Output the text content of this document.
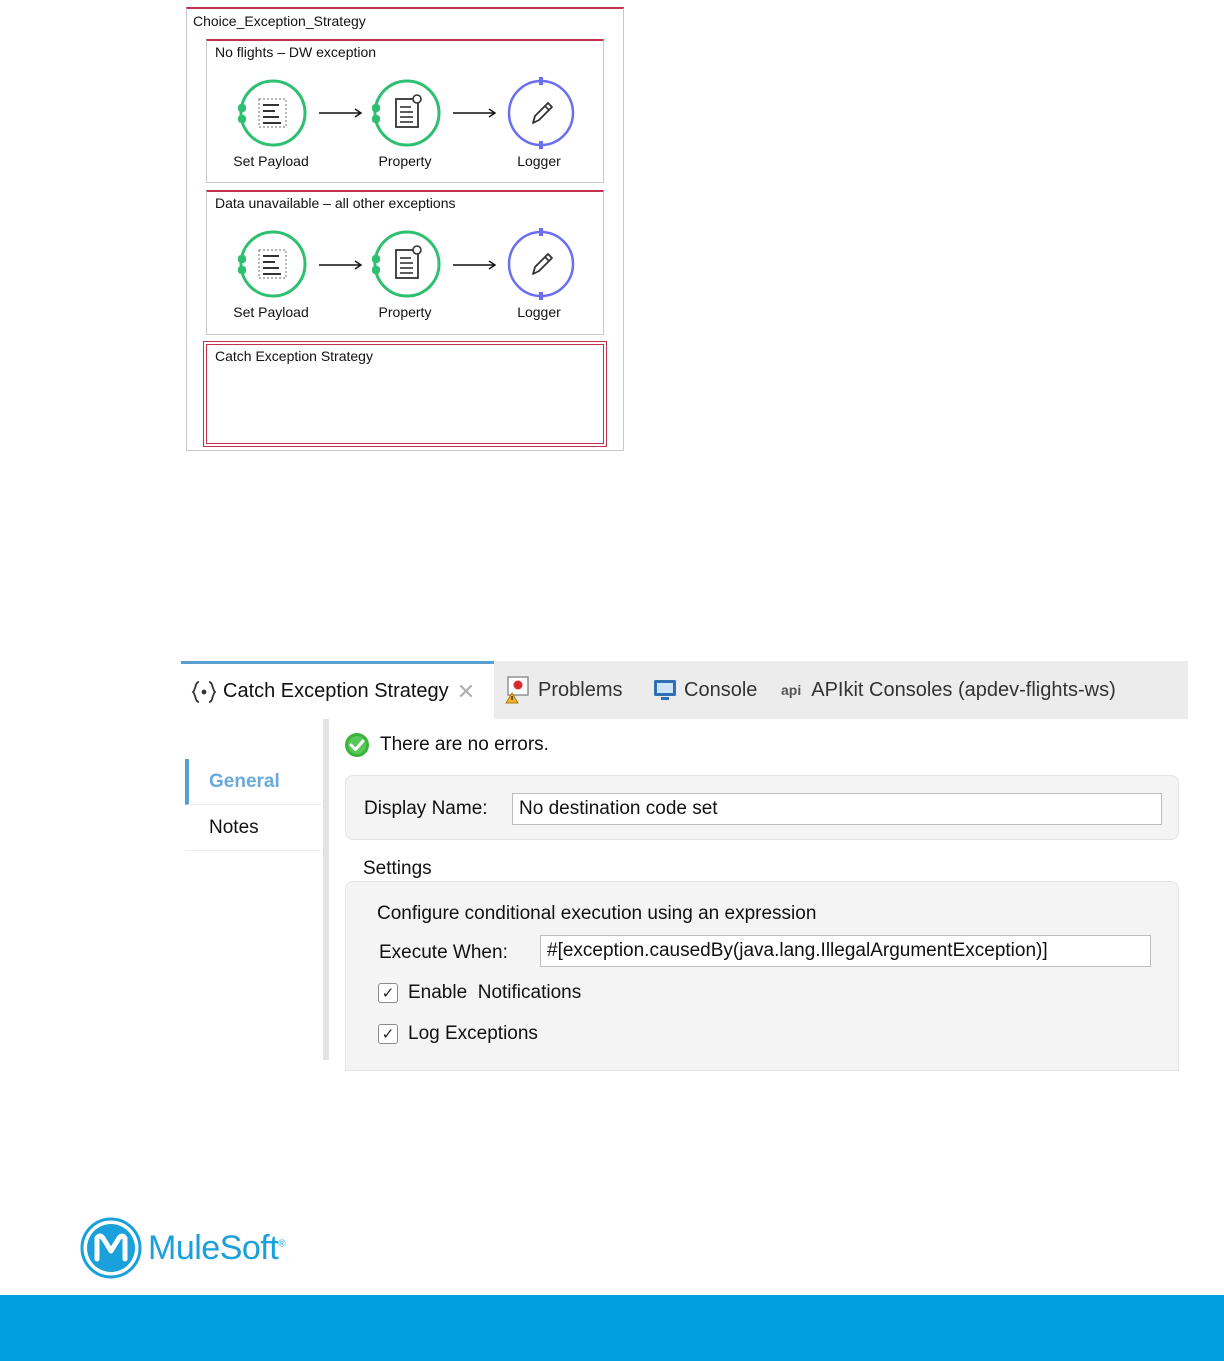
Choice_Exception_Strategy
No flights – DW exception
Set Payload	Property	Logger
Data unavailable – all other exceptions
Set Payload	Property	Logger
Catch Exception Strategy
Catch Exception Strategy ✕	Problems	Console api APIkit Consoles (apdev-flights-ws)
General
Notes
There are no errors.
Display Name:	No destination code set
Settings
Configure conditional execution using an expression
Execute When:	#[exception.causedBy(java.lang.IllegalArgumentException)]
✓ Enable  Notifications
✓ Log Exceptions
MuleSoft®
